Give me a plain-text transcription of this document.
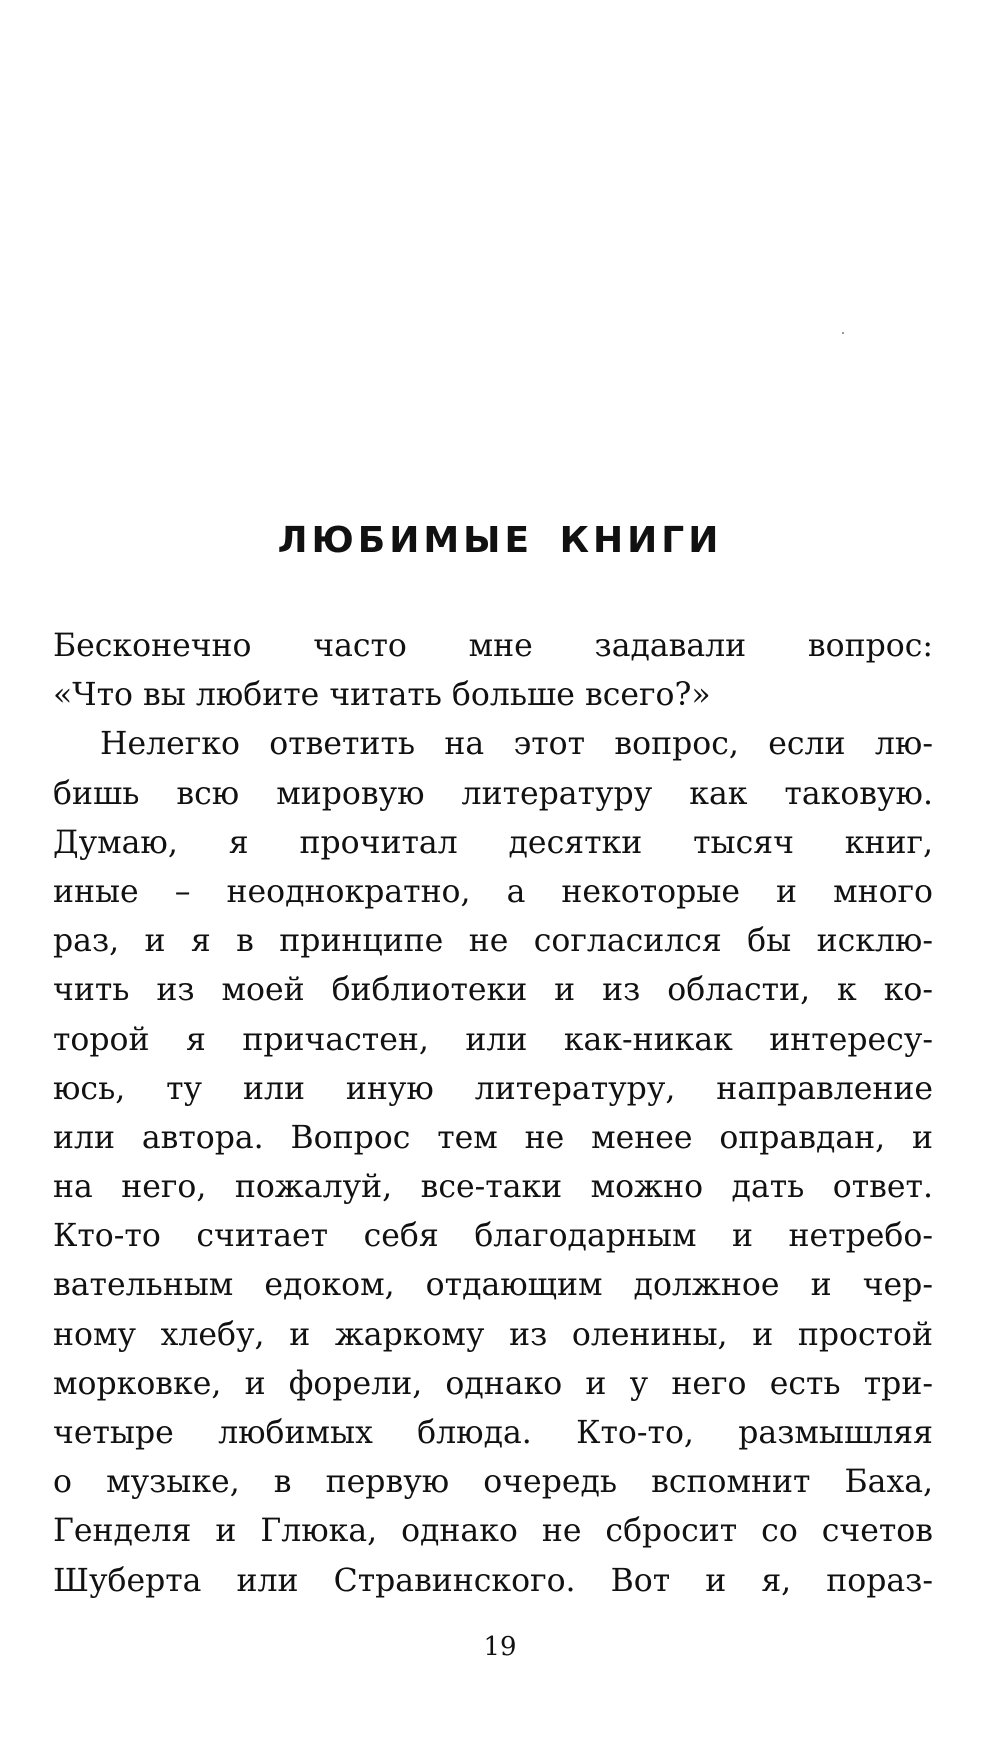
ЛЮБИМЫЕ КНИГИ
Бесконечно часто мне задавали вопрос:
«Что вы любите читать больше всего?»
Нелегко ответить на этот вопрос, если лю-
бишь всю мировую литературу как таковую.
Думаю, я прочитал десятки тысяч книг,
иные – неоднократно, а некоторые и много
раз, и я в принципе не согласился бы исклю-
чить из моей библиотеки и из области, к ко-
торой я причастен, или как-никак интересу-
юсь, ту или иную литературу, направление
или автора. Вопрос тем не менее оправдан, и
на него, пожалуй, все-таки можно дать ответ.
Кто-то считает себя благодарным и нетребо-
вательным едоком, отдающим должное и чер-
ному хлебу, и жаркому из оленины, и простой
морковке, и форели, однако и у него есть три-
четыре любимых блюда. Кто-то, размышляя
о музыке, в первую очередь вспомнит Баха,
Генделя и Глюка, однако не сбросит со счетов
Шуберта или Стравинского. Вот и я, пораз-
19
